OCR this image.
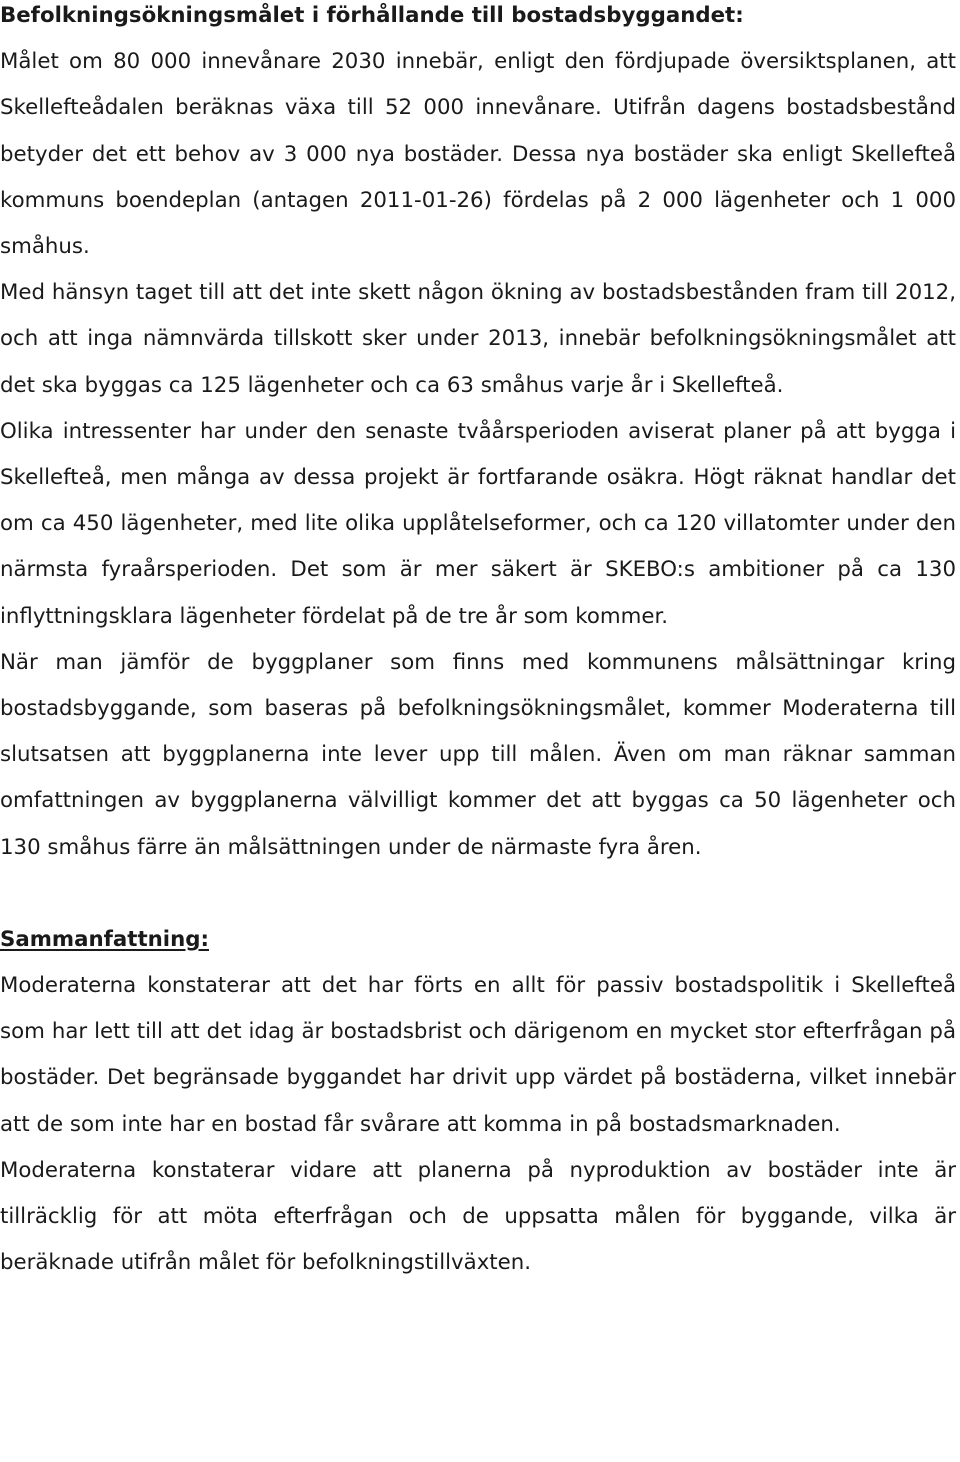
Befolkningsökningsmålet i förhållande till bostadsbyggandet:

Målet om 80 000 innevånare 2030 innebär, enligt den fördjupade översiktsplanen, att Skellefteådalen beräknas växa till 52 000 innevånare. Utifrån dagens bostadsbestånd betyder det ett behov av 3 000 nya bostäder. Dessa nya bostäder ska enligt Skellefteå kommuns boendeplan (antagen 2011-01-26) fördelas på 2 000 lägenheter och 1 000 småhus.

Med hänsyn taget till att det inte skett någon ökning av bostadsbestånden fram till 2012, och att inga nämnvärda tillskott sker under 2013, innebär befolkningsökningsmålet att det ska byggas ca 125 lägenheter och ca 63 småhus varje år i Skellefteå.

Olika intressenter har under den senaste tvåårsperioden aviserat planer på att bygga i Skellefteå, men många av dessa projekt är fortfarande osäkra. Högt räknat handlar det om ca 450 lägenheter, med lite olika upplåtelseformer, och ca 120 villatomter under den närmsta fyraårsperioden. Det som är mer säkert är SKEBO:s ambitioner på ca 130 inflyttningsklara lägenheter fördelat på de tre år som kommer.

När man jämför de byggplaner som finns med kommunens målsättningar kring bostadsbyggande, som baseras på befolkningsökningsmålet, kommer Moderaterna till slutsatsen att byggplanerna inte lever upp till målen. Även om man räknar samman omfattningen av byggplanerna välvilligt kommer det att byggas ca 50 lägenheter och 130 småhus färre än målsättningen under de närmaste fyra åren.

Sammanfattning:

Moderaterna konstaterar att det har förts en allt för passiv bostadspolitik i Skellefteå som har lett till att det idag är bostadsbrist och därigenom en mycket stor efterfrågan på bostäder. Det begränsade byggandet har drivit upp värdet på bostäderna, vilket innebär att de som inte har en bostad får svårare att komma in på bostadsmarknaden.

Moderaterna konstaterar vidare att planerna på nyproduktion av bostäder inte är tillräcklig för att möta efterfrågan och de uppsatta målen för byggande, vilka är beräknade utifrån målet för befolkningstillväxten.
